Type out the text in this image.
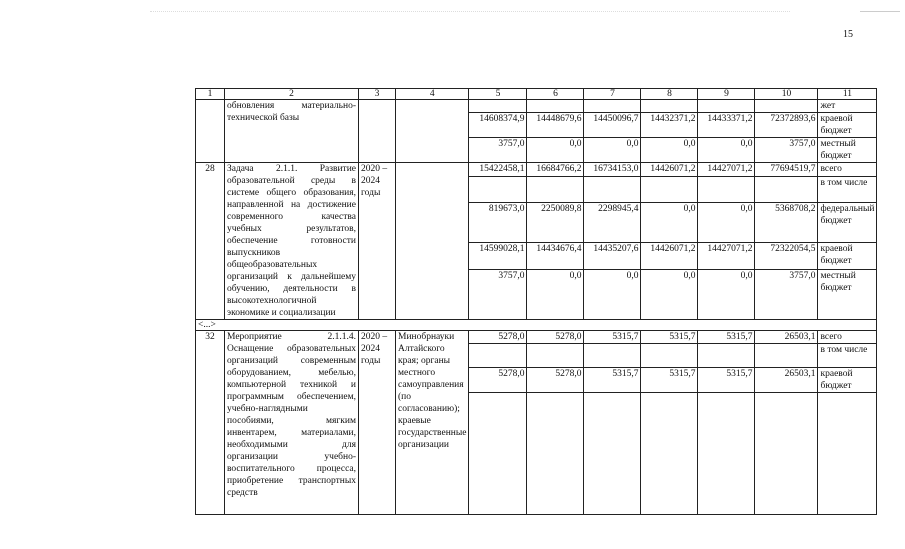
15
1	2	3	4	5	6	7	8	9	10	11
	обновления материально-технической базы									жет
				14608374,9	14448679,6	14450096,7	14432371,2	14433371,2	72372893,6	краевой бюджет
				3757,0	0,0	0,0	0,0	0,0	3757,0	местный бюджет
28	Задача 2.1.1. Развитие образовательной среды в системе общего образования, направленной на достижение современного качества учебных результатов, обеспечение готовности выпускников общеобразовательных организаций к дальнейшему обучению, деятельности в высокотехнологичной экономике и социализации	2020 – 2024 годы		15422458,1	16684766,2	16734153,0	14426071,2	14427071,2	77694519,7	всего
										в том числе
				819673,0	2250089,8	2298945,4	0,0	0,0	5368708,2	федеральный бюджет
				14599028,1	14434676,4	14435207,6	14426071,2	14427071,2	72322054,5	краевой бюджет
				3757,0	0,0	0,0	0,0	0,0	3757,0	местный бюджет
<...>										
32	Мероприятие 2.1.1.4. Оснащение образовательных организаций современным оборудованием, мебелью, компьютерной техникой и программным обеспечением, учебно-наглядными пособиями, мягким инвентарем, материалами, необходимыми для организации учебно-воспитательного процесса, приобретение транспортных средств	2020 – 2024 годы	Минобрнауки Алтайского края; органы местного самоуправления (по согласованию); краевые государственные организации	5278,0	5278,0	5315,7	5315,7	5315,7	26503,1	всего
										в том числе
				5278,0	5278,0	5315,7	5315,7	5315,7	26503,1	краевой бюджет
